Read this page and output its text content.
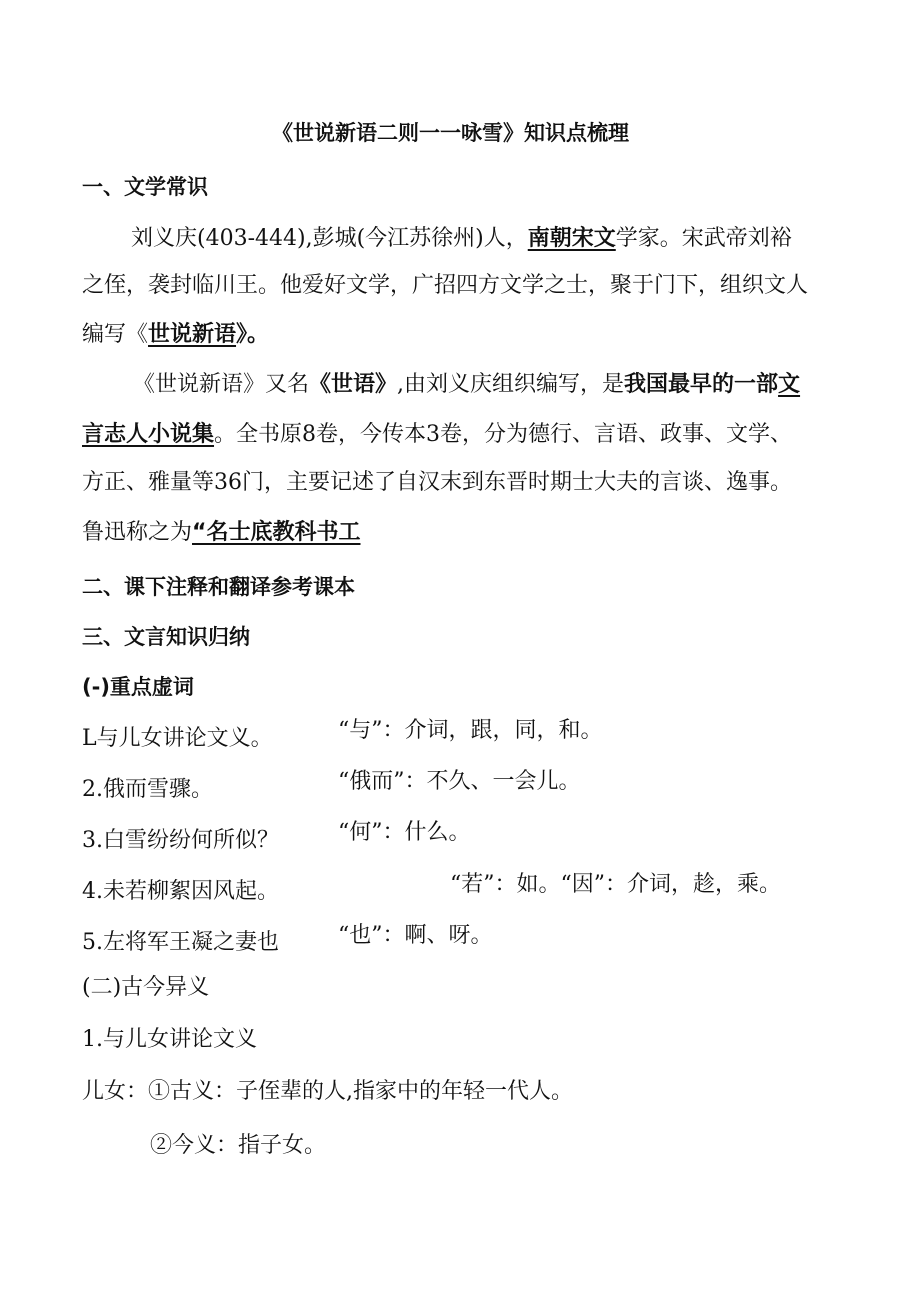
《世说新语二则一一咏雪》知识点梳理
一、文学常识
刘义庆(403-444),彭城(今江苏徐州)人，南朝宋文学家。宋武帝刘裕
之侄，袭封临川王。他爱好文学，广招四方文学之士，聚于门下，组织文人
编写《世说新语》。
《世说新语》又名《世语》,由刘义庆组织编写，是我国最早的一部文
言志人小说集。全书原8卷，今传本3卷，分为德行、言语、政事、文学、
方正、雅量等36门，主要记述了自汉末到东晋时期士大夫的言谈、逸事。
鲁迅称之为“名士底教科书工
二、课下注释和翻译参考课本
三、文言知识归纳
(-)重点虚词
L与儿女讲论文义。	“与”：介词，跟，同，和。
2.俄而雪骤。	“俄而”：不久、一会儿。
3.白雪纷纷何所似？	“何”：什么。
4.未若柳絮因风起。	“若”：如。“因”：介词，趁，乘。
5.左将军王凝之妻也	“也”：啊、呀。
(二)古今异义
1.与儿女讲论文义
儿女：①古义：子侄辈的人,指家中的年轻一代人。
②今义：指子女。
